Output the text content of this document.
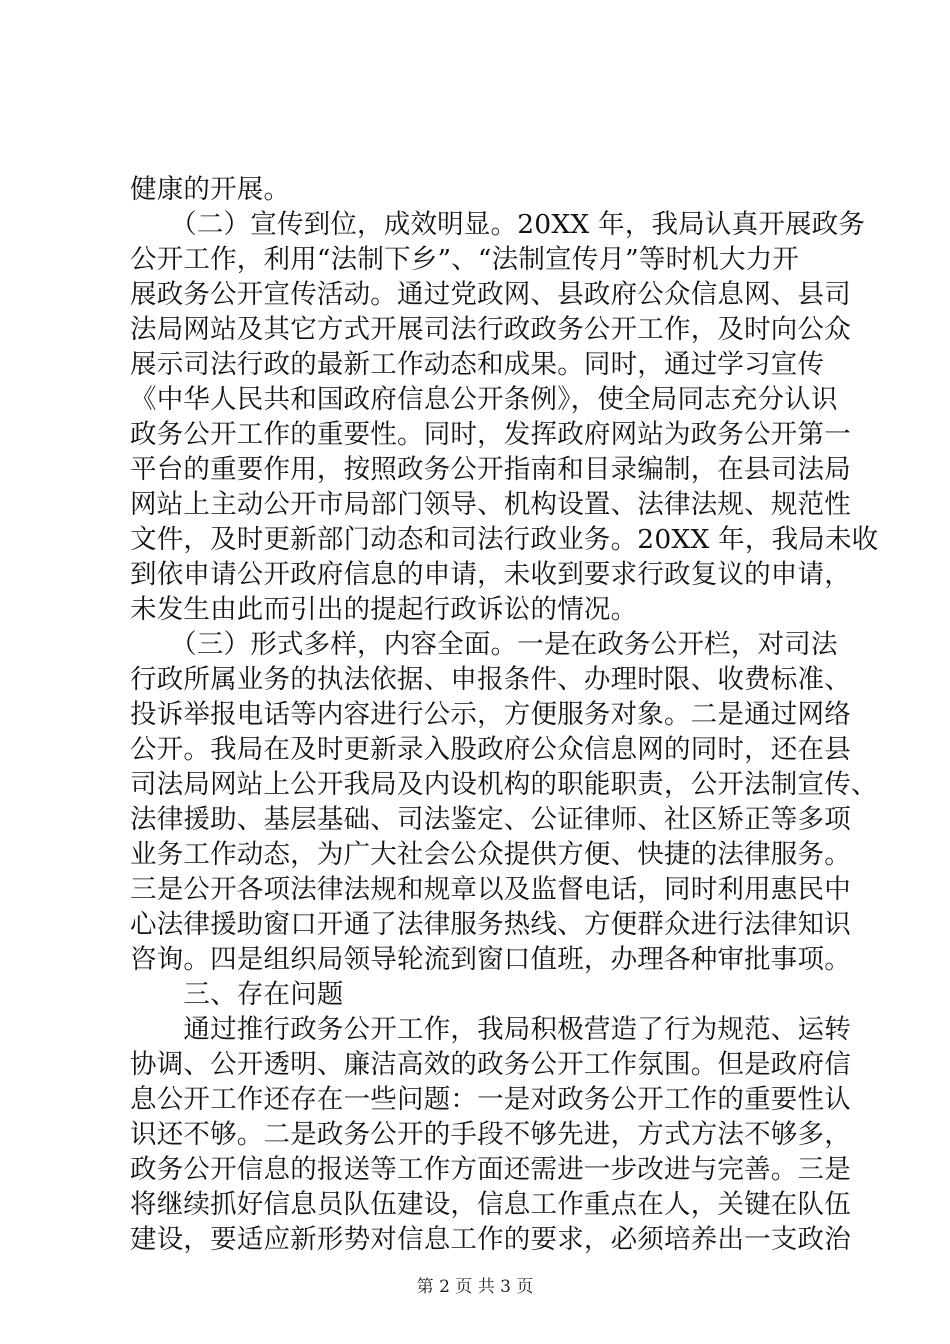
健康的开展。
　　（二）宣传到位，成效明显。20XX 年，我局认真开展政务
公开工作，利用“法制下乡”、“法制宣传月”等时机大力开
展政务公开宣传活动。通过党政网、县政府公众信息网、县司
法局网站及其它方式开展司法行政政务公开工作，及时向公众
展示司法行政的最新工作动态和成果。同时，通过学习宣传
《中华人民共和国政府信息公开条例》，使全局同志充分认识
政务公开工作的重要性。同时，发挥政府网站为政务公开第一
平台的重要作用，按照政务公开指南和目录编制，在县司法局
网站上主动公开市局部门领导、机构设置、法律法规、规范性
文件，及时更新部门动态和司法行政业务。20XX 年，我局未收
到依申请公开政府信息的申请，未收到要求行政复议的申请，
未发生由此而引出的提起行政诉讼的情况。
　　（三）形式多样，内容全面。一是在政务公开栏，对司法
行政所属业务的执法依据、申报条件、办理时限、收费标准、
投诉举报电话等内容进行公示，方便服务对象。二是通过网络
公开。我局在及时更新录入股政府公众信息网的同时，还在县
司法局网站上公开我局及内设机构的职能职责，公开法制宣传、
法律援助、基层基础、司法鉴定、公证律师、社区矫正等多项
业务工作动态，为广大社会公众提供方便、快捷的法律服务。
三是公开各项法律法规和规章以及监督电话，同时利用惠民中
心法律援助窗口开通了法律服务热线、方便群众进行法律知识
咨询。四是组织局领导轮流到窗口值班，办理各种审批事项。
　　三、存在问题
　　通过推行政务公开工作，我局积极营造了行为规范、运转
协调、公开透明、廉洁高效的政务公开工作氛围。但是政府信
息公开工作还存在一些问题：一是对政务公开工作的重要性认
识还不够。二是政务公开的手段不够先进，方式方法不够多，
政务公开信息的报送等工作方面还需进一步改进与完善。三是
将继续抓好信息员队伍建设，信息工作重点在人，关键在队伍
建设，要适应新形势对信息工作的要求，必须培养出一支政治
第 2 页 共 3 页
